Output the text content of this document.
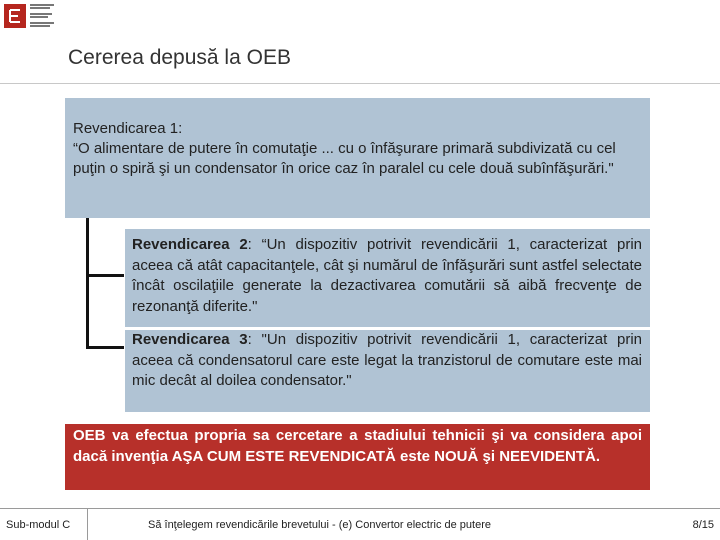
Cererea depusă la OEB
Revendicarea 1:
“O alimentare de putere în comutaţie ... cu o înfăşurare primară subdivizată cu cel puţin o spiră şi un condensator în orice caz în paralel cu cele două subînfăşurări."
Revendicarea 2: “Un dispozitiv potrivit revendicării 1, caracterizat prin aceea că atât capacitanţele, cât şi numărul de înfăşurări sunt astfel selectate încât oscilaţiile generate la dezactivarea comutării să aibă frecvenţe de rezonanţă diferite."
Revendicarea 3: "Un dispozitiv potrivit revendicării 1, caracterizat prin aceea că condensatorul care este legat la tranzistorul de comutare este mai mic decât al doilea condensator."
OEB va efectua propria sa cercetare a stadiului tehnicii şi va considera apoi dacă invenţia AŞA CUM ESTE REVENDICATĂ este NOUĂ şi NEEVIDENTĂ.
Sub-modul C	Să înţelegem revendicările brevetului - (e) Convertor electric de putere	8/15
